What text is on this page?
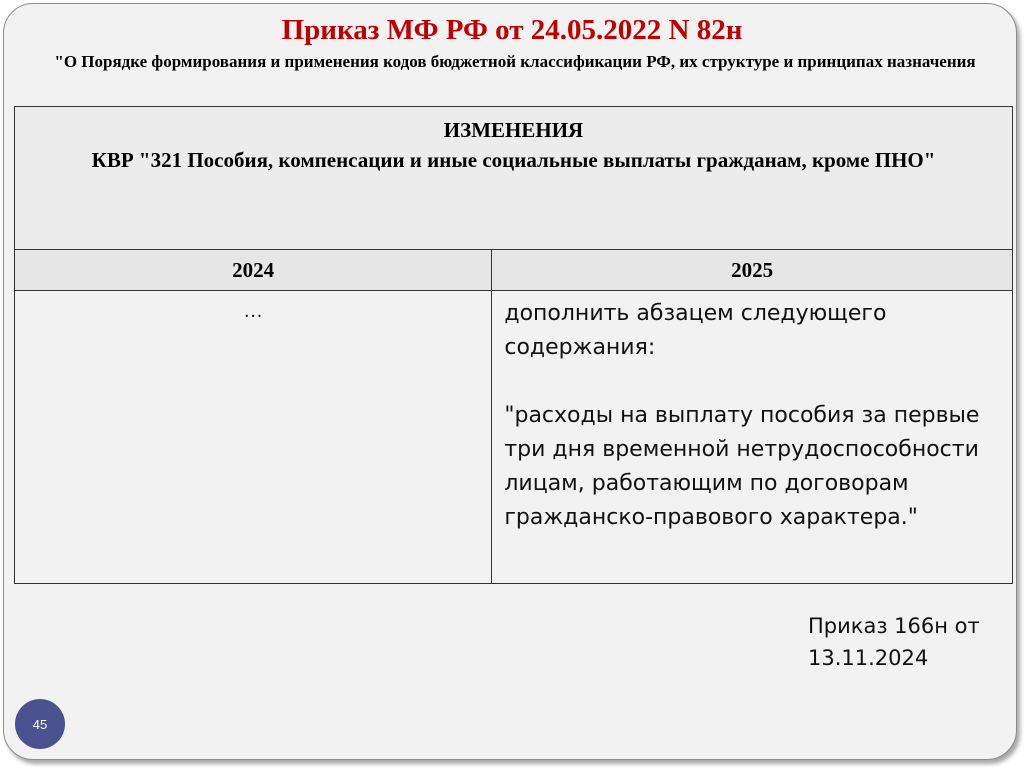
Приказ МФ РФ от 24.05.2022 N 82н
"О Порядке формирования и применения кодов бюджетной классификации РФ, их структуре и принципах назначения
ИЗМЕНЕНИЯ
КВР "321 Пособия, компенсации и иные социальные выплаты гражданам, кроме ПНО"	

2024	2025
…	дополнить абзацем следующего содержания:

"расходы на выплату пособия за первые три дня временной нетрудоспособности лицам, работающим по договорам гражданско-правового характера."

Приказ 166н от 13.11.2024
45
